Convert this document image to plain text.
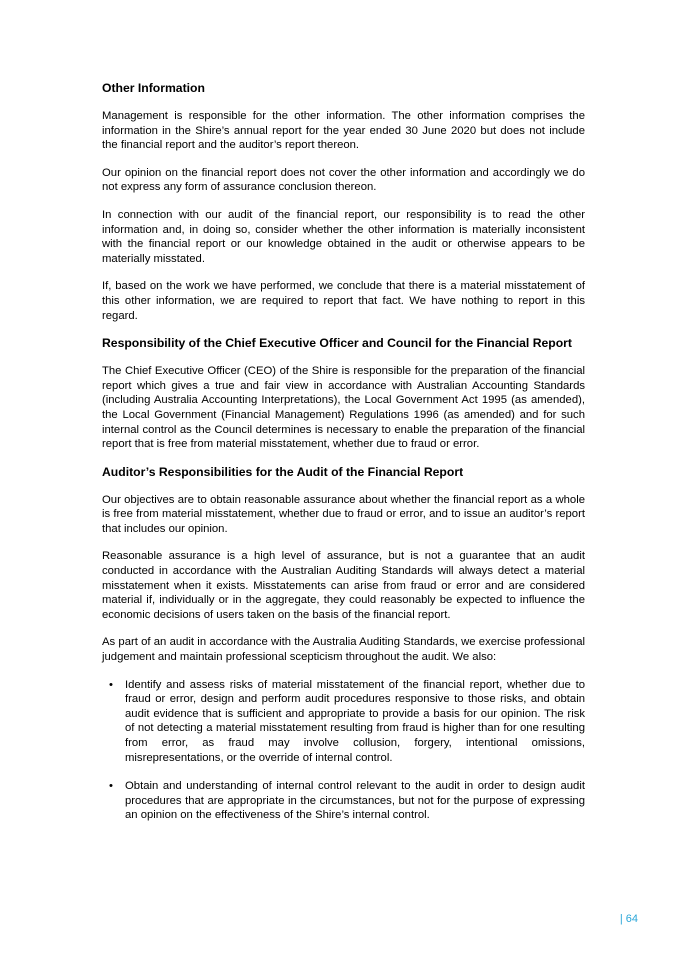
Other Information

Management is responsible for the other information. The other information comprises the information in the Shire’s annual report for the year ended 30 June 2020 but does not include the financial report and the auditor’s report thereon.

Our opinion on the financial report does not cover the other information and accordingly we do not express any form of assurance conclusion thereon.

In connection with our audit of the financial report, our responsibility is to read the other information and, in doing so, consider whether the other information is materially inconsistent with the financial report or our knowledge obtained in the audit or otherwise appears to be materially misstated.

If, based on the work we have performed, we conclude that there is a material misstatement of this other information, we are required to report that fact. We have nothing to report in this regard.

Responsibility of the Chief Executive Officer and Council for the Financial Report

The Chief Executive Officer (CEO) of the Shire is responsible for the preparation of the financial report which gives a true and fair view in accordance with Australian Accounting Standards (including Australia Accounting Interpretations), the Local Government Act 1995 (as amended), the Local Government (Financial Management) Regulations 1996 (as amended) and for such internal control as the Council determines is necessary to enable the preparation of the financial report that is free from material misstatement, whether due to fraud or error.

Auditor’s Responsibilities for the Audit of the Financial Report

Our objectives are to obtain reasonable assurance about whether the financial report as a whole is free from material misstatement, whether due to fraud or error, and to issue an auditor’s report that includes our opinion.

Reasonable assurance is a high level of assurance, but is not a guarantee that an audit conducted in accordance with the Australian Auditing Standards will always detect a material misstatement when it exists. Misstatements can arise from fraud or error and are considered material if, individually or in the aggregate, they could reasonably be expected to influence the economic decisions of users taken on the basis of the financial report.

As part of an audit in accordance with the Australia Auditing Standards, we exercise professional judgement and maintain professional scepticism throughout the audit. We also:

• Identify and assess risks of material misstatement of the financial report, whether due to fraud or error, design and perform audit procedures responsive to those risks, and obtain audit evidence that is sufficient and appropriate to provide a basis for our opinion. The risk of not detecting a material misstatement resulting from fraud is higher than for one resulting from error, as fraud may involve collusion, forgery, intentional omissions, misrepresentations, or the override of internal control.
• Obtain and understanding of internal control relevant to the audit in order to design audit procedures that are appropriate in the circumstances, but not for the purpose of expressing an opinion on the effectiveness of the Shire’s internal control.
| 64
